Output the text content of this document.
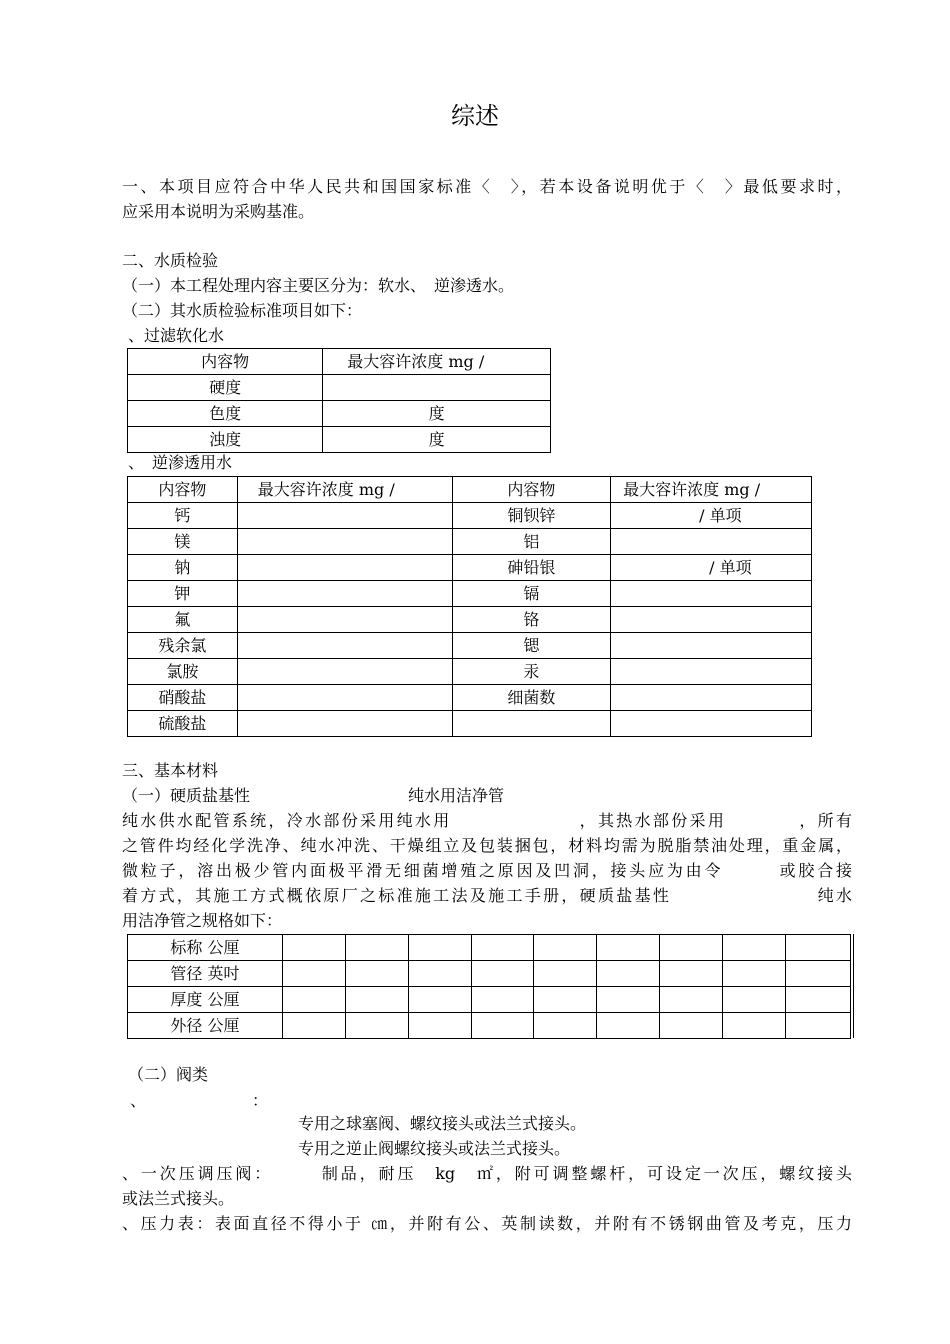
综述
一、本项目应符合中华人民共和国国家标准〈　〉，若本设备说明优于〈　〉最低要求时，
应采用本说明为采购基准。
二、水质检验
（一）本工程处理内容主要区分为：软水、　逆渗透水。
（二）其水质检验标准项目如下：
、过滤软化水
内容物	最大容许浓度 mg /
硬度	
色度	度
浊度	度
、　逆渗透用水
内容物	最大容许浓度 mg /	内容物	最大容许浓度 mg /
钙		铜钡锌	/ 单项
镁		铝	
钠		砷铅银	/ 单项
钾		镉	
氟		铬	
残余氯		锶	
氯胺		汞	
硝酸盐		细菌数	
硫酸盐			
三、基本材料
（一）硬质盐基性	纯水用洁净管
纯水供水配管系统，冷水部份采用纯水用　　　　　　　，其热水部份采用　　　　，所有
之管件均经化学洗净、纯水冲洗、干燥组立及包装捆包，材料均需为脱脂禁油处理，重金属，
微粒子，溶出极少管内面极平滑无细菌增殖之原因及凹洞，接头应为由令　　　或胶合接
着方式，其施工方式概依原厂之标准施工法及施工手册，硬质盐基性　　　　　　　　纯水
用洁净管之规格如下：
标称 公厘									
管径 英吋									
厚度 公厘									
外径 公厘									
（二）阀类
、	：
专用之球塞阀、螺纹接头或法兰式接头。
专用之逆止阀螺纹接头或法兰式接头。
、一次压调压阀：　　　制品，耐压　kg　㎡，附可调整螺杆，可设定一次压，螺纹接头
或法兰式接头。
、压力表：表面直径不得小于 ㎝，并附有公、英制读数，并附有不锈钢曲管及考克，压力
